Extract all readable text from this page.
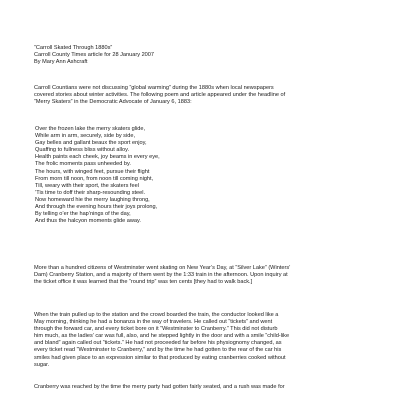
“Carroll Skated Through 1880s”
Carroll County Times article for 28 January 2007
By Mary Ann Ashcraft
Carroll Countians were not discussing “global warming” during the 1880s when local newspapers
covered stories about winter activities. The following poem and article appeared under the headline of
“Merry Skaters” in the Democratic Advocate of January 6, 1883:
Over the frozen lake the merry skaters glide,
While arm in arm, securely, side by side,
Gay belles and gallant beaux the sport enjoy,
Quaffing to fullness bliss without alloy.
Health paints each cheek, joy beams in every eye,
The frolic moments pass unheeded by.
The hours, with winged feet, pursue their flight
From morn till noon, from noon till coming night,
Till, weary with their sport, the skaters feel
’Tis time to doff their sharp-resounding steel.
Now homeward hie the merry laughing throng,
And through the evening hours their joys prolong,
By telling o’er the hap’nings of the day,
And thus the halcyon moments glide away.
More than a hundred citizens of Westminster went skating on New Year’s Day, at “Silver Lake” (Winters’
Dam) Cranberry Station, and a majority of them went by the 1:33 train in the afternoon. Upon inquiry at
the ticket office it was learned that the “round trip” was ten cents [they had to walk back.]
When the train pulled up to the station and the crowd boarded the train, the conductor looked like a
May morning, thinking he had a bonanza in the way of travelers. He called out “tickets” and went
through the forward car, and every ticket bore on it “Westminster to Cranberry.” This did not disturb
him much, as the ladies’ car was full, also, and he stepped lightly in the door and with a smile “child-like
and bland” again called out “tickets.” He had not proceeded far before his physiognomy changed, as
every ticket read “Westminster to Cranberry,” and by the time he had gotten to the rear of the car his
smiles had given place to an expression similar to that produced by eating cranberries cooked without
sugar.
Cranberry was reached by the time the merry party had gotten fairly seated, and a rush was made for
